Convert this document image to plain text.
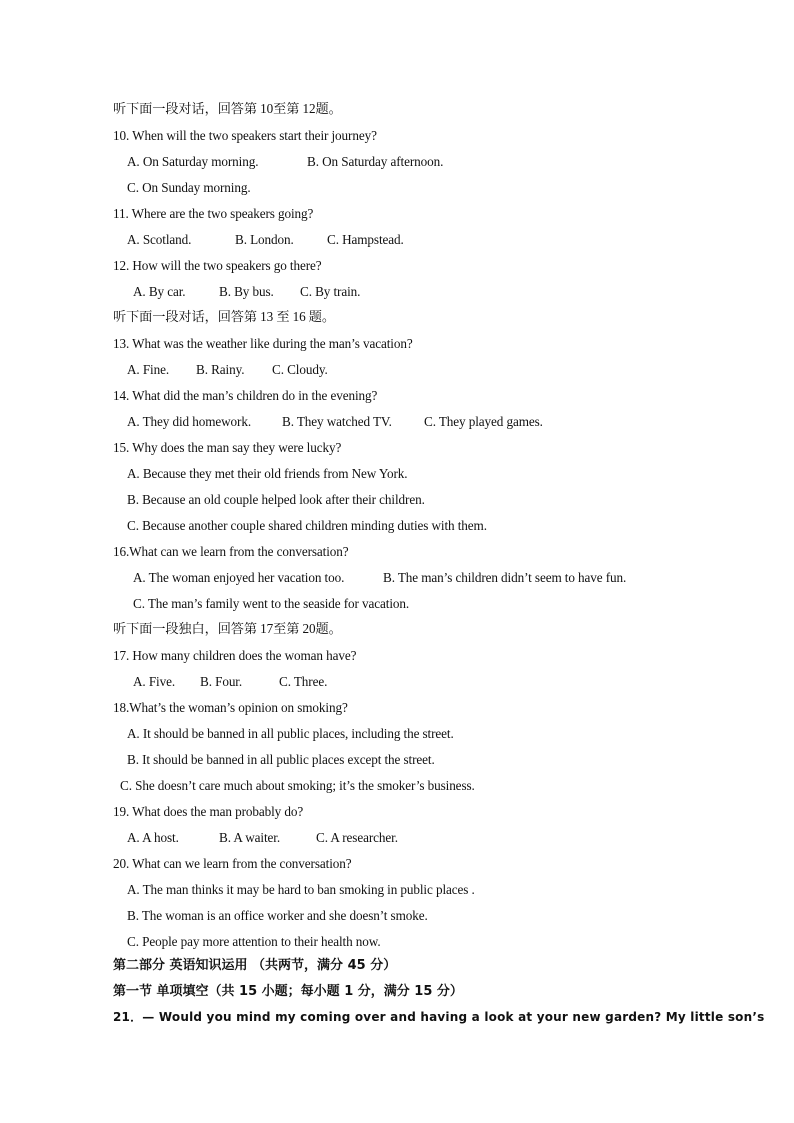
听下面一段对话，回答第 10至第 12题。
10. When will the two speakers start their journey?
A. On Saturday morning.	B. On Saturday afternoon.
C. On Sunday morning.
11. Where are the two speakers going?
A. Scotland.	B. London.	C. Hampstead.
12. How will the two speakers go there?
A. By car.	B. By bus. C. By train.
听下面一段对话，回答第 13 至 16 题。
13. What was the weather like during the man’s vacation?
A. Fine. B. Rainy. C. Cloudy.
14. What did the man’s children do in the evening?
A. They did homework. B. They watched TV. C. They played games.
15. Why does the man say they were lucky?
A. Because they met their old friends from New York.
B. Because an old couple helped look after their children.
C. Because another couple shared children minding duties with them.
16.What can we learn from the conversation?
A. The woman enjoyed her vacation too.	B. The man’s children didn’t seem to have fun.
C. The man’s family went to the seaside for vacation.
听下面一段独白，回答第 17至第 20题。
17. How many children does the woman have?
A. Five. B. Four.	C. Three.
18.What’s the woman’s opinion on smoking?
A. It should be banned in all public places, including the street.
B. It should be banned in all public places except the street.
C. She doesn’t care much about smoking; it’s the smoker’s business.
19. What does the man probably do?
A. A host.	B. A waiter.	C. A researcher.
20. What can we learn from the conversation?
A. The man thinks it may be hard to ban smoking in public places .
B. The woman is an office worker and she doesn’t smoke.
C. People pay more attention to their health now.
第二部分 英语知识运用 （共两节，满分 45 分）
第一节 单项填空（共 15 小题；每小题 1 分，满分 15 分）
21．— Would you mind my coming over and having a look at your new garden? My little son’s
